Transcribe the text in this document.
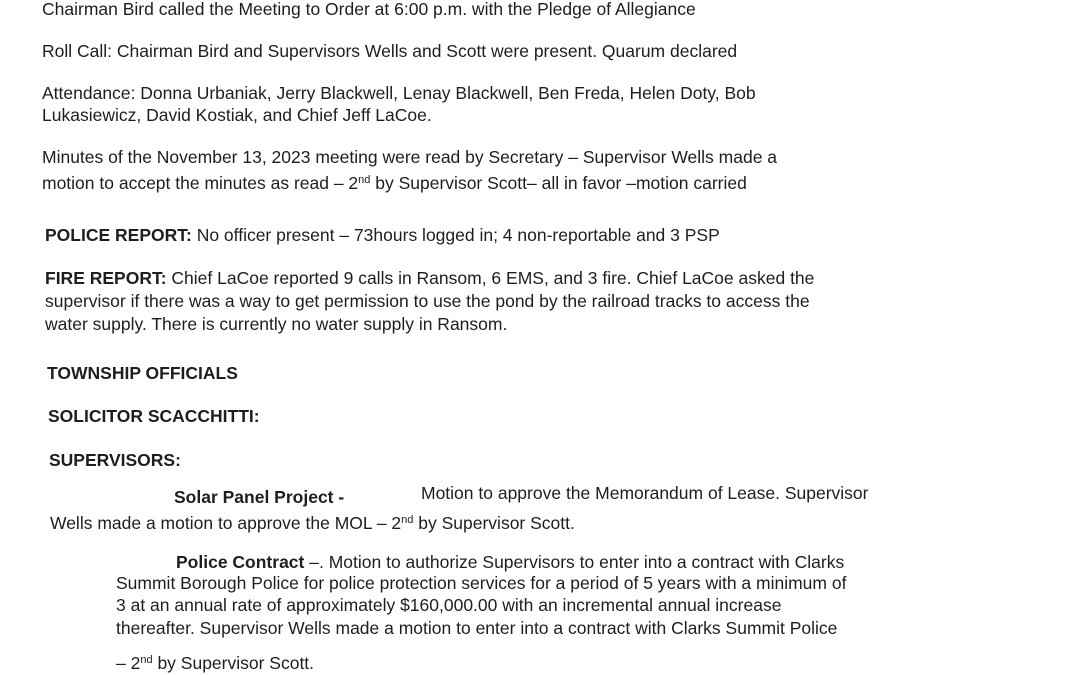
Chairman Bird called the Meeting to Order at 6:00 p.m. with the Pledge of Allegiance
Roll Call: Chairman Bird and Supervisors Wells and Scott were present. Quarum declared
Attendance: Donna Urbaniak, Jerry Blackwell, Lenay Blackwell, Ben Freda, Helen Doty, Bob
Lukasiewicz, David Kostiak, and Chief Jeff LaCoe.
Minutes of the November 13, 2023 meeting were read by Secretary – Supervisor Wells made a
motion to accept the minutes as read – 2nd by Supervisor Scott– all in favor –motion carried
POLICE REPORT: No officer present – 73hours logged in; 4 non-reportable and 3 PSP
FIRE REPORT: Chief LaCoe reported 9 calls in Ransom, 6 EMS, and 3 fire. Chief LaCoe asked the
supervisor if there was a way to get permission to use the pond by the railroad tracks to access the
water supply. There is currently no water supply in Ransom.
TOWNSHIP OFFICIALS
SOLICITOR SCACCHITTI:
SUPERVISORS:
Solar Panel Project -	Motion to approve the Memorandum of Lease. Supervisor
Wells made a motion to approve the MOL – 2nd by Supervisor Scott.
Police Contract –. Motion to authorize Supervisors to enter into a contract with Clarks
Summit Borough Police for police protection services for a period of 5 years with a minimum of
3 at an annual rate of approximately $160,000.00 with an incremental annual increase
thereafter. Supervisor Wells made a motion to enter into a contract with Clarks Summit Police
– 2nd by Supervisor Scott.
